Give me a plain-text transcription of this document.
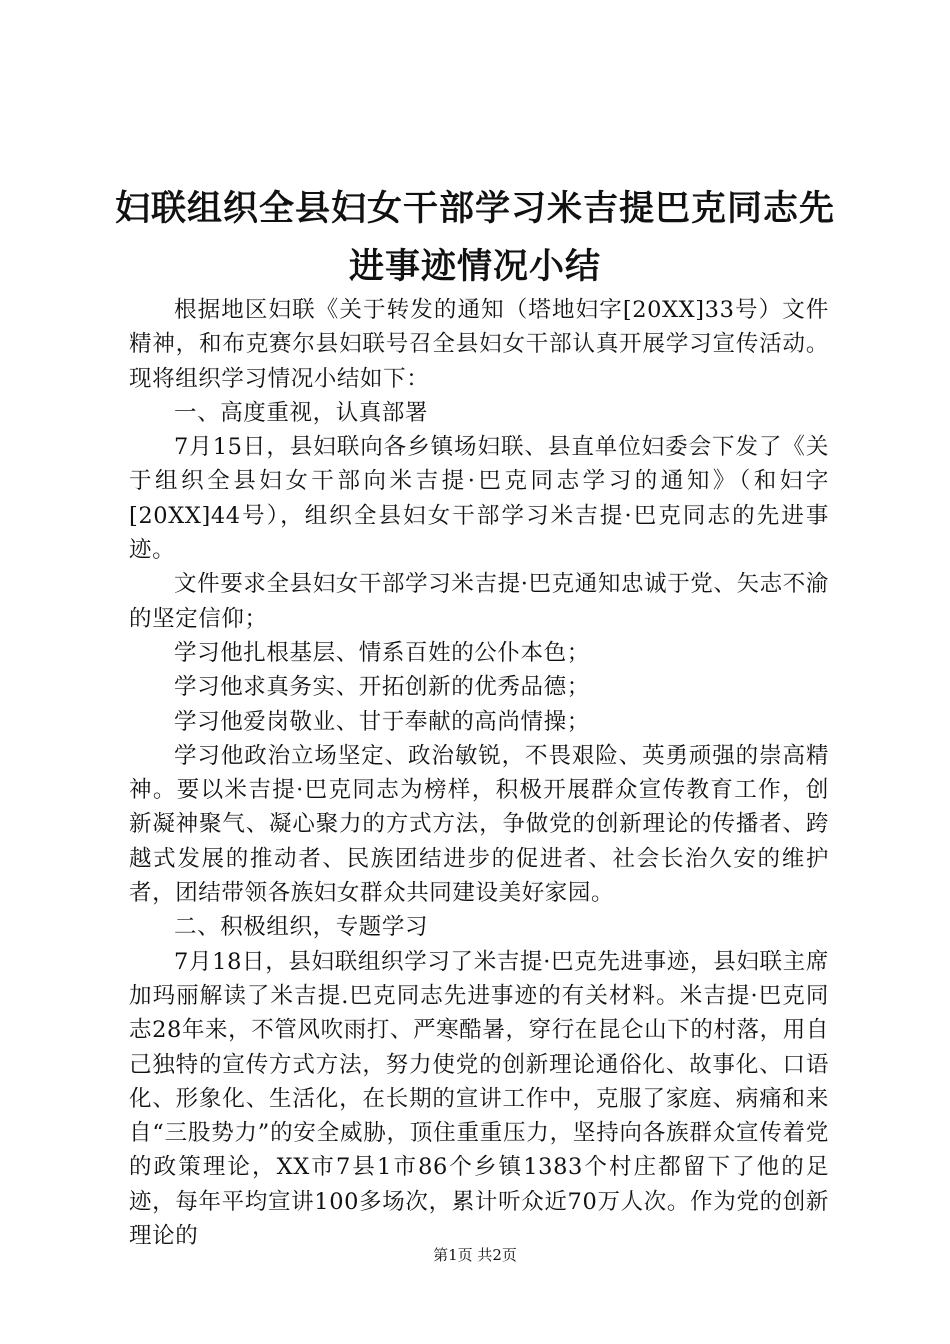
妇联组织全县妇女干部学习米吉提巴克同志先
进事迹情况小结

根据地区妇联《关于转发的通知（塔地妇字[20XX]33号）文件精神，和布克赛尔县妇联号召全县妇女干部认真开展学习宣传活动。现将组织学习情况小结如下：

一、高度重视，认真部署

7月15日，县妇联向各乡镇场妇联、县直单位妇委会下发了《关于组织全县妇女干部向米吉提·巴克同志学习的通知》（和妇字[20XX]44号），组织全县妇女干部学习米吉提·巴克同志的先进事迹。

文件要求全县妇女干部学习米吉提·巴克通知忠诚于党、矢志不渝的坚定信仰；

学习他扎根基层、情系百姓的公仆本色；

学习他求真务实、开拓创新的优秀品德；

学习他爱岗敬业、甘于奉献的高尚情操；

学习他政治立场坚定、政治敏锐，不畏艰险、英勇顽强的崇高精神。要以米吉提·巴克同志为榜样，积极开展群众宣传教育工作，创新凝神聚气、凝心聚力的方式方法，争做党的创新理论的传播者、跨越式发展的推动者、民族团结进步的促进者、社会长治久安的维护者，团结带领各族妇女群众共同建设美好家园。

二、积极组织，专题学习

7月18日，县妇联组织学习了米吉提·巴克先进事迹，县妇联主席加玛丽解读了米吉提.巴克同志先进事迹的有关材料。米吉提·巴克同志28年来，不管风吹雨打、严寒酷暑，穿行在昆仑山下的村落，用自己独特的宣传方式方法，努力使党的创新理论通俗化、故事化、口语化、形象化、生活化，在长期的宣讲工作中，克服了家庭、病痛和来自“三股势力”的安全威胁，顶住重重压力，坚持向各族群众宣传着党的政策理论，XX市7县1市86个乡镇1383个村庄都留下了他的足迹，每年平均宣讲100多场次，累计听众近70万人次。作为党的创新理论的

第1页 共2页
